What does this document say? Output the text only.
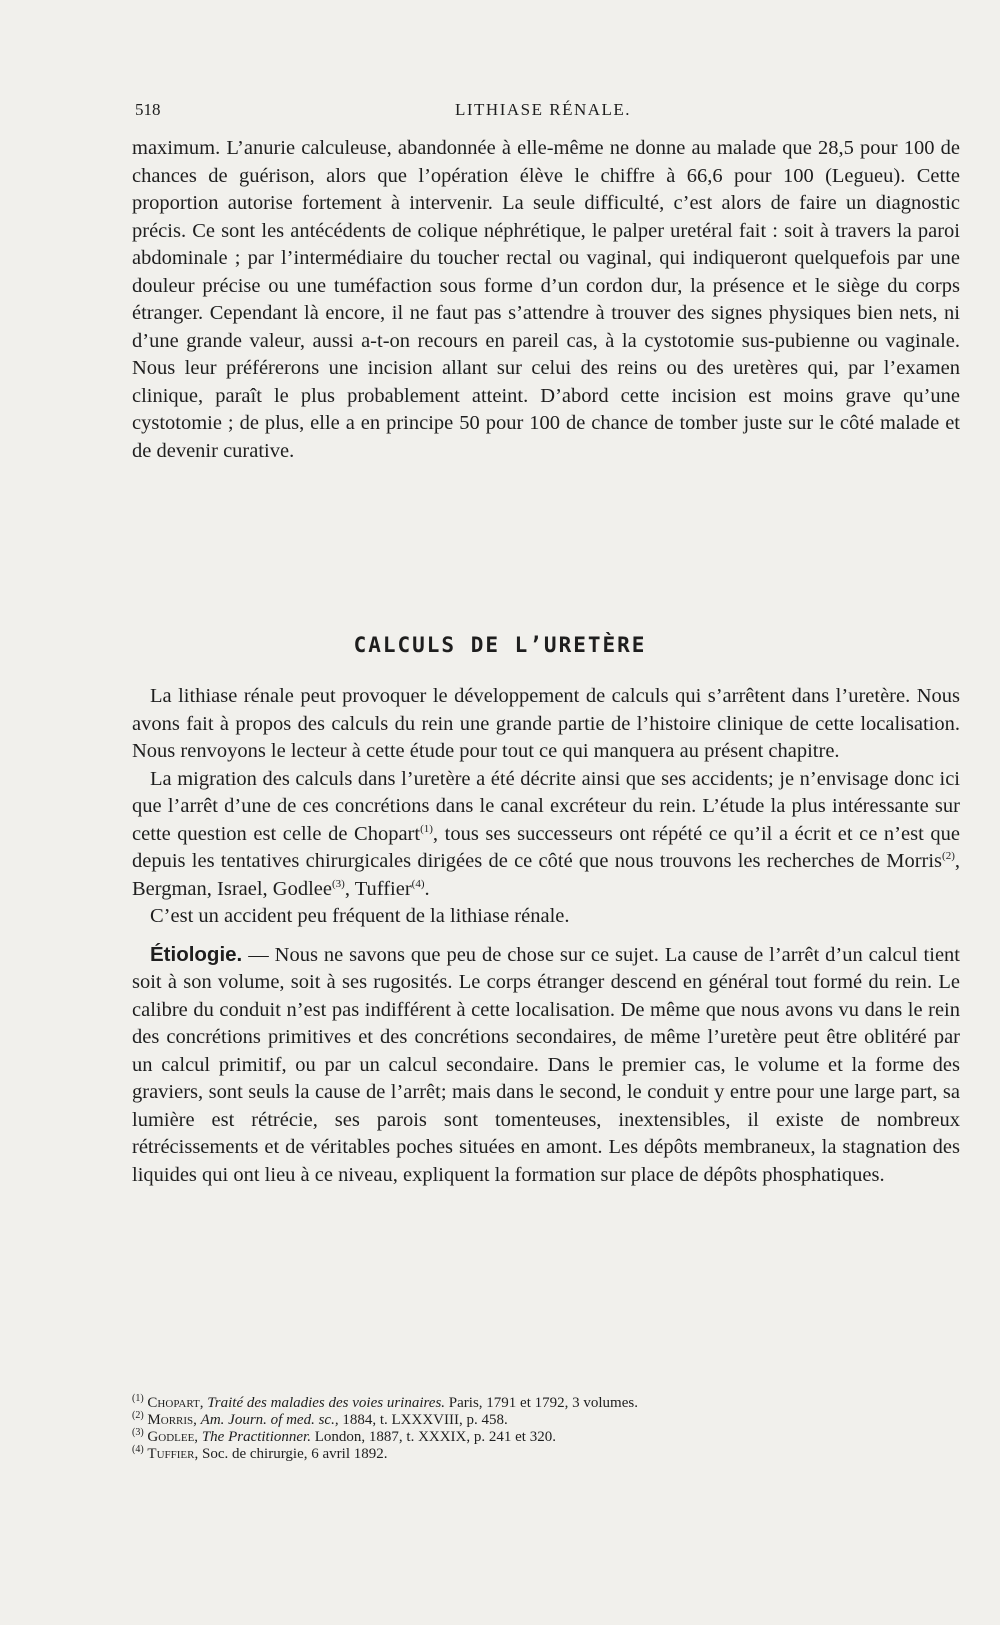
518	LITHIASE RÉNALE.

maximum. L’anurie calculeuse, abandonnée à elle-même ne donne au malade que 28,5 pour 100 de chances de guérison, alors que l’opération élève le chiffre à 66,6 pour 100 (Legueu). Cette proportion autorise fortement à intervenir. La seule difficulté, c’est alors de faire un diagnostic précis. Ce sont les antécédents de colique néphrétique, le palper uretéral fait : soit à travers la paroi abdominale ; par l’intermédiaire du toucher rectal ou vaginal, qui indiqueront quelquefois par une douleur précise ou une tuméfaction sous forme d’un cordon dur, la présence et le siège du corps étranger. Cependant là encore, il ne faut pas s’attendre à trouver des signes physiques bien nets, ni d’une grande valeur, aussi a-t-on recours en pareil cas, à la cystotomie sus-pubienne ou vaginale. Nous leur préférerons une incision allant sur celui des reins ou des uretères qui, par l’examen clinique, paraît le plus probablement atteint. D’abord cette incision est moins grave qu’une cystotomie ; de plus, elle a en principe 50 pour 100 de chance de tomber juste sur le côté malade et de devenir curative.

CALCULS DE L’URETÈRE

La lithiase rénale peut provoquer le développement de calculs qui s’arrêtent dans l’uretère. Nous avons fait à propos des calculs du rein une grande partie de l’histoire clinique de cette localisation. Nous renvoyons le lecteur à cette étude pour tout ce qui manquera au présent chapitre.

La migration des calculs dans l’uretère a été décrite ainsi que ses accidents; je n’envisage donc ici que l’arrêt d’une de ces concrétions dans le canal excréteur du rein. L’étude la plus intéressante sur cette question est celle de Chopart$^{(1)}$, tous ses successeurs ont répété ce qu’il a écrit et ce n’est que depuis les tentatives chirurgicales dirigées de ce côté que nous trouvons les recherches de Morris$^{(2)}$, Bergman, Israel, Godlee$^{(3)}$, Tuffier$^{(4)}$.

C’est un accident peu fréquent de la lithiase rénale.

Étiologie. — Nous ne savons que peu de chose sur ce sujet. La cause de l’arrêt d’un calcul tient soit à son volume, soit à ses rugosités. Le corps étranger descend en général tout formé du rein. Le calibre du conduit n’est pas indifférent à cette localisation. De même que nous avons vu dans le rein des concrétions primitives et des concrétions secondaires, de même l’uretère peut être oblitéré par un calcul primitif, ou par un calcul secondaire. Dans le premier cas, le volume et la forme des graviers, sont seuls la cause de l’arrêt; mais dans le second, le conduit y entre pour une large part, sa lumière est rétrécie, ses parois sont tomenteuses, inextensibles, il existe de nombreux rétrécissements et de véritables poches situées en amont. Les dépôts membraneux, la stagnation des liquides qui ont lieu à ce niveau, expliquent la formation sur place de dépôts phosphatiques.

$^{(1)}$ Chopart, Traité des maladies des voies urinaires. Paris, 1791 et 1792, 3 volumes.
$^{(2)}$ Morris, Am. Journ. of med. sc., 1884, t. LXXXVIII, p. 458.
$^{(3)}$ Godlee, The Practitionner. London, 1887, t. XXXIX, p. 241 et 320.
$^{(4)}$ Tuffier, Soc. de chirurgie, 6 avril 1892.
